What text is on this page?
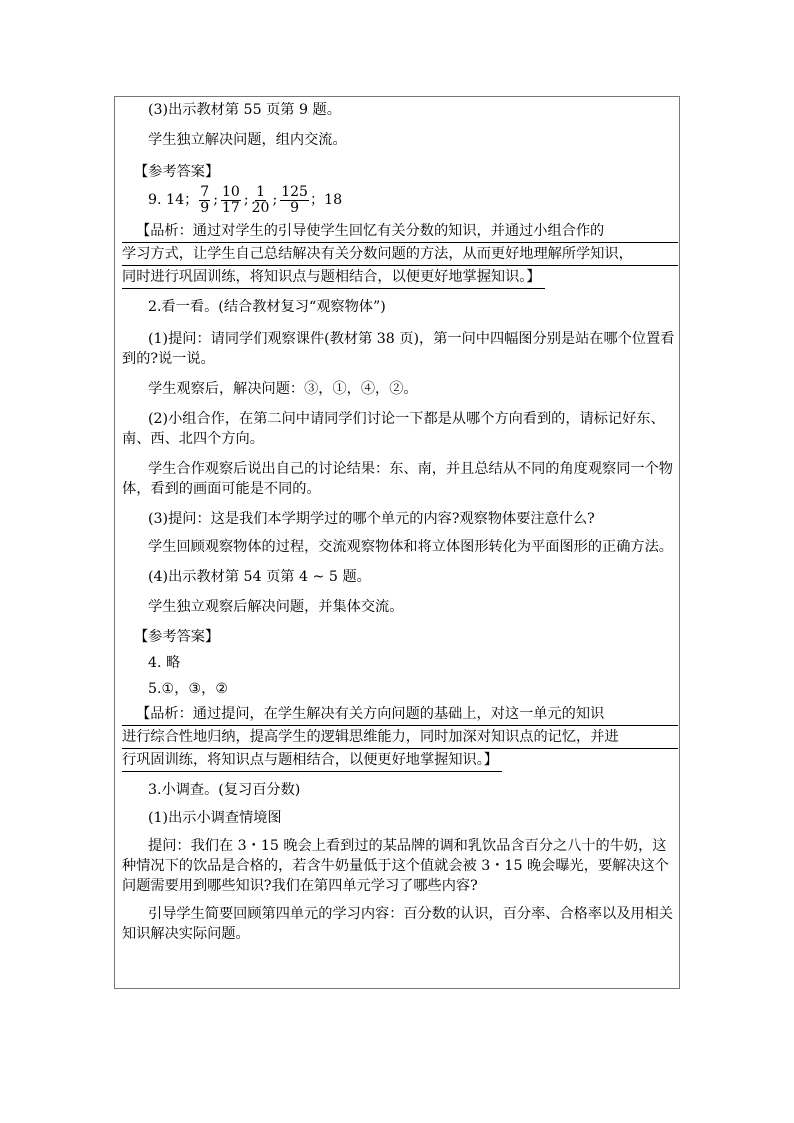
(3)出示教材第 55 页第 9 题。

学生独立解决问题，组内交流。

【参考答案】

9. 14； $\frac{7}{9}$ ; $\frac{10}{17}$ ; $\frac{1}{20}$ ; $\frac{125}{9}$ ；18
【品析：通过对学生的引导使学生回忆有关分数的知识，并通过小组合作的
学习方式，让学生自己总结解决有关分数问题的方法，从而更好地理解所学知识，
同时进行巩固训练，将知识点与题相结合，以便更好地掌握知识。】

2.看一看。(结合教材复习“观察物体”)

(1)提问：请同学们观察课件(教材第 38 页)，第一问中四幅图分别是站在哪个位置看到的?说一说。

学生观察后，解决问题：③，①，④，②。

(2)小组合作，在第二问中请同学们讨论一下都是从哪个方向看到的，请标记好东、南、西、北四个方向。

学生合作观察后说出自己的讨论结果：东、南，并且总结从不同的角度观察同一个物体，看到的画面可能是不同的。

(3)提问：这是我们本学期学过的哪个单元的内容?观察物体要注意什么?

学生回顾观察物体的过程，交流观察物体和将立体图形转化为平面图形的正确方法。

(4)出示教材第 54 页第 4 ~ 5 题。

学生独立观察后解决问题，并集体交流。

【参考答案】

4. 略

5.①，③，②

【品析：通过提问，在学生解决有关方向问题的基础上，对这一单元的知识
进行综合性地归纳，提高学生的逻辑思维能力，同时加深对知识点的记忆，并进
行巩固训练，将知识点与题相结合，以便更好地掌握知识。】

3.小调查。(复习百分数)

(1)出示小调查情境图

提问：我们在 3・15 晚会上看到过的某品牌的调和乳饮品含百分之八十的牛奶，这种情况下的饮品是合格的，若含牛奶量低于这个值就会被 3・15 晚会曝光，要解决这个问题需要用到哪些知识?我们在第四单元学习了哪些内容?

引导学生简要回顾第四单元的学习内容：百分数的认识，百分率、合格率以及用相关知识解决实际问题。
